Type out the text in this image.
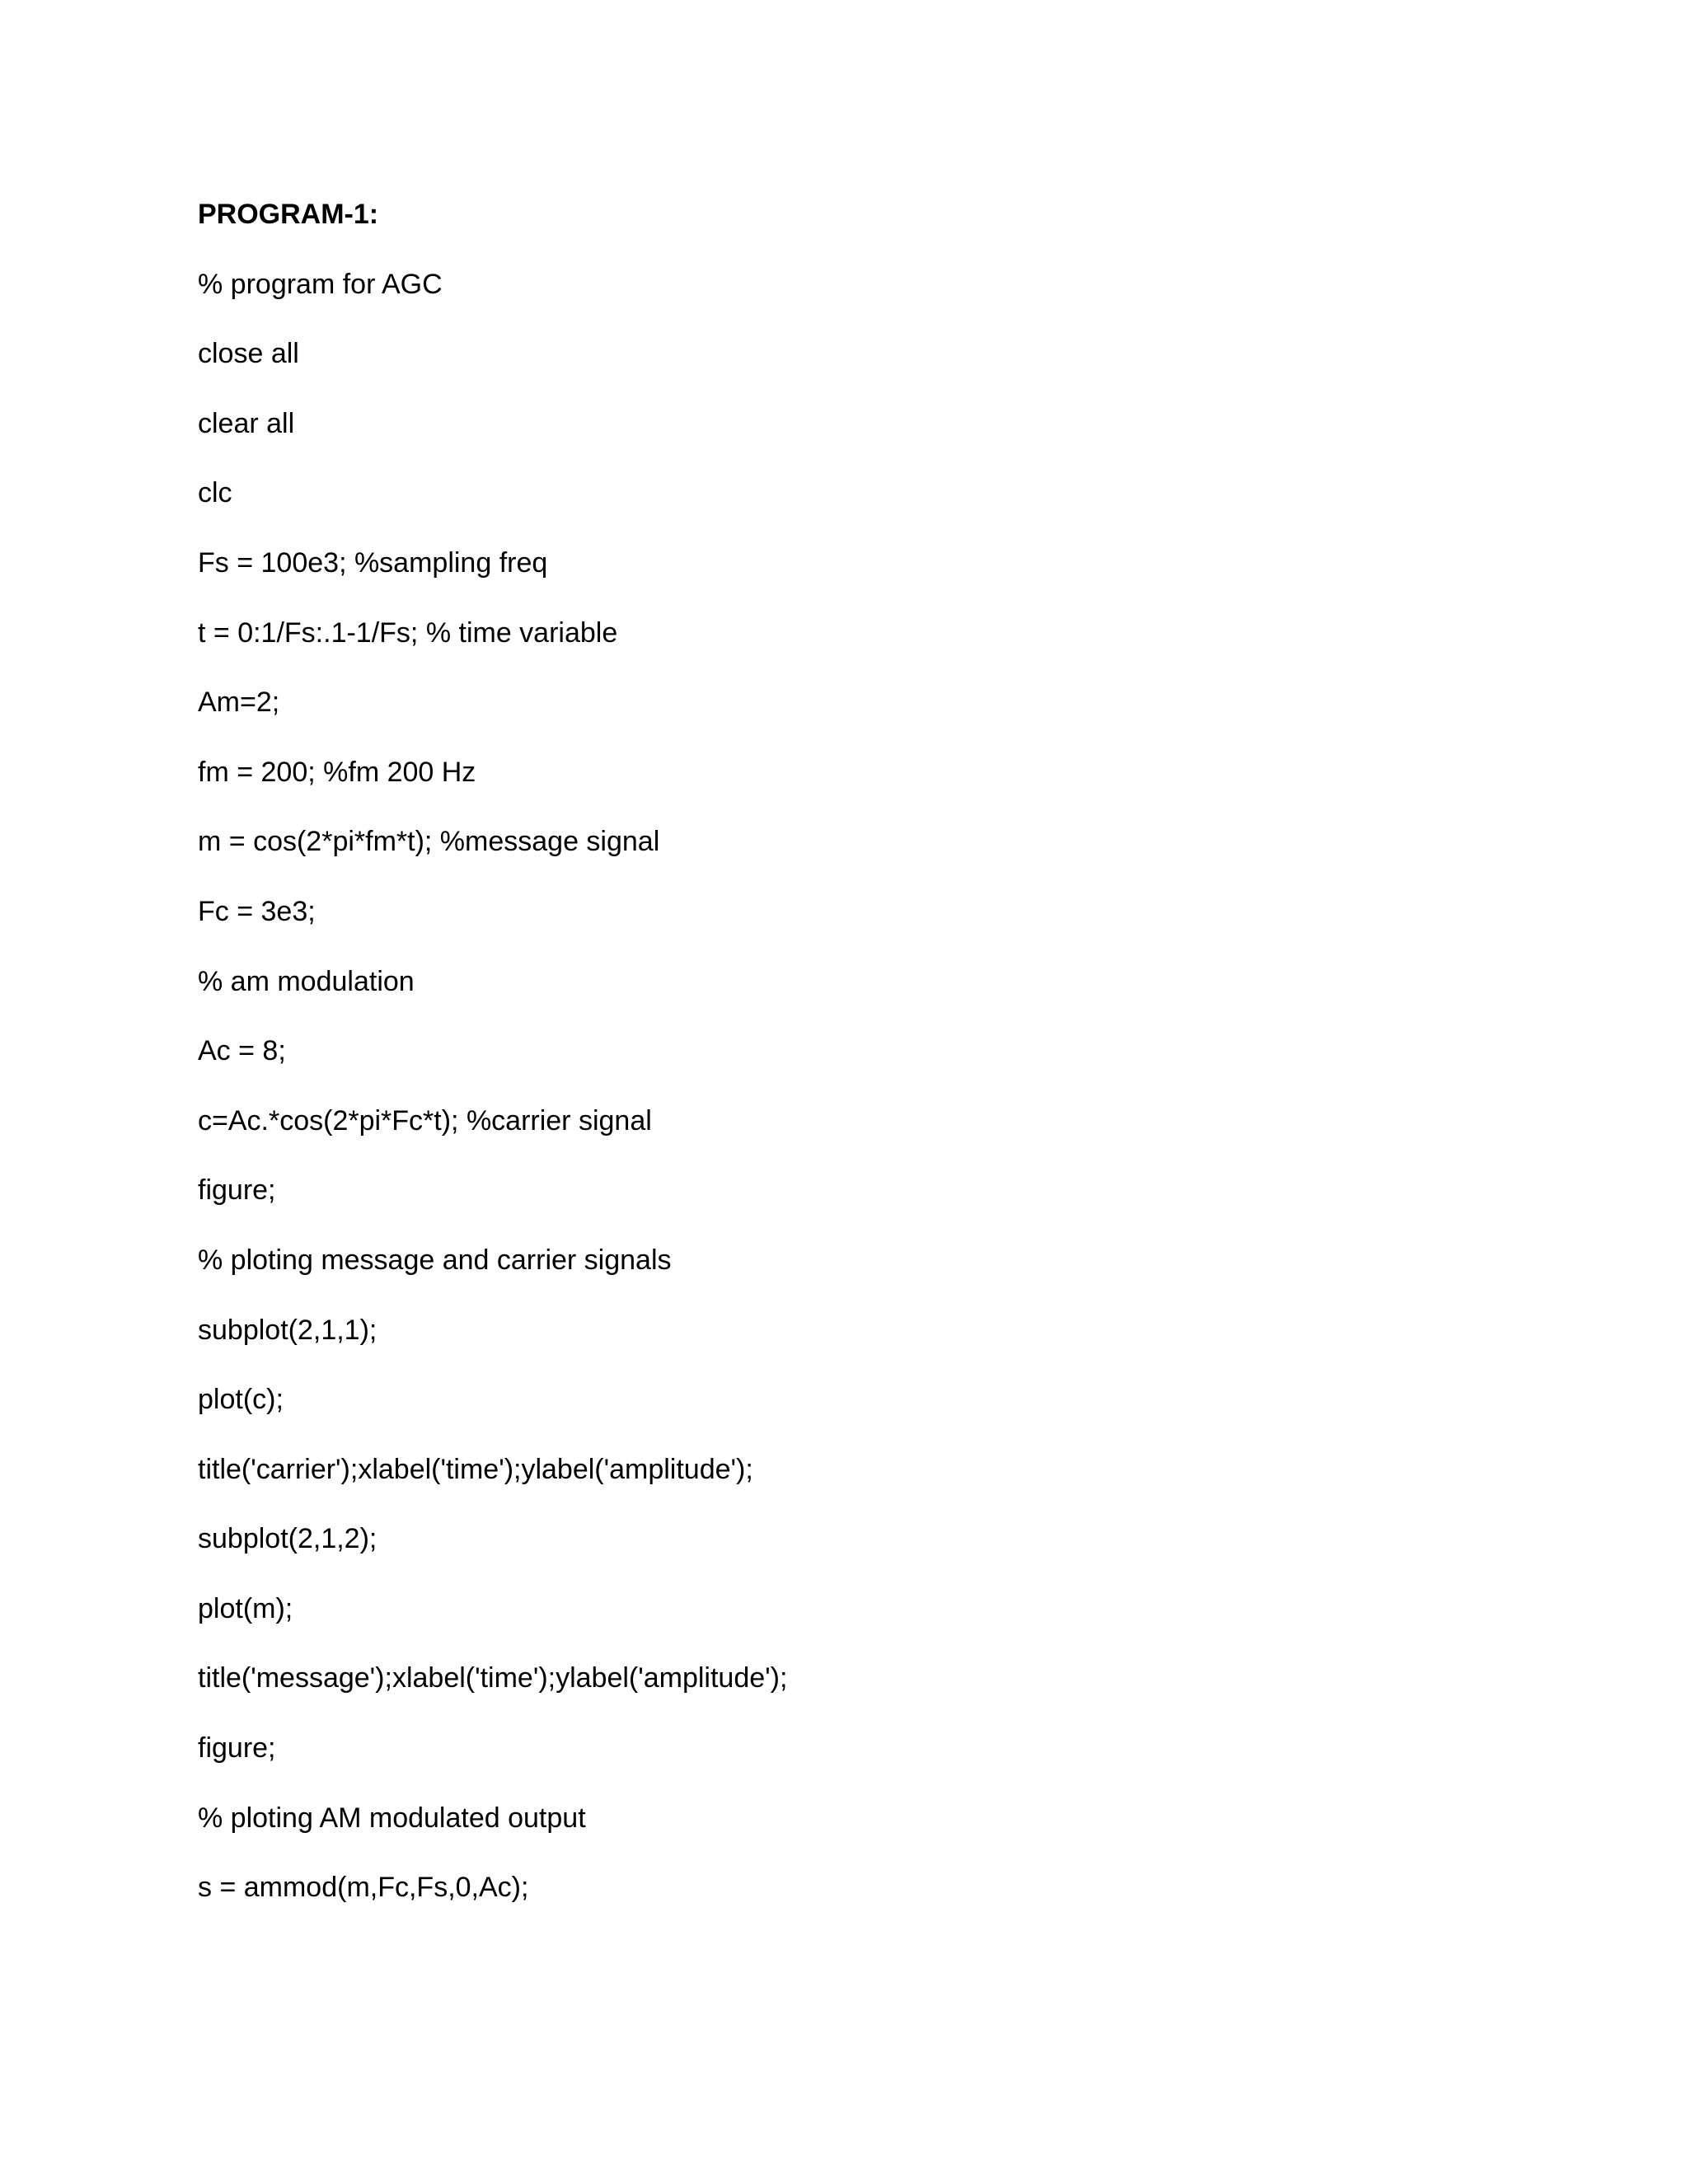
PROGRAM-1:

% program for AGC

close all

clear all

clc

Fs = 100e3; %sampling freq

t = 0:1/Fs:.1-1/Fs; % time variable

Am=2;

fm = 200; %fm 200 Hz

m = cos(2*pi*fm*t); %message signal

Fc = 3e3;

% am modulation

Ac = 8;

c=Ac.*cos(2*pi*Fc*t); %carrier signal

figure;

% ploting message and carrier signals

subplot(2,1,1);

plot(c);

title('carrier');xlabel('time');ylabel('amplitude');

subplot(2,1,2);

plot(m);

title('message');xlabel('time');ylabel('amplitude');

figure;

% ploting AM modulated output

s = ammod(m,Fc,Fs,0,Ac);
